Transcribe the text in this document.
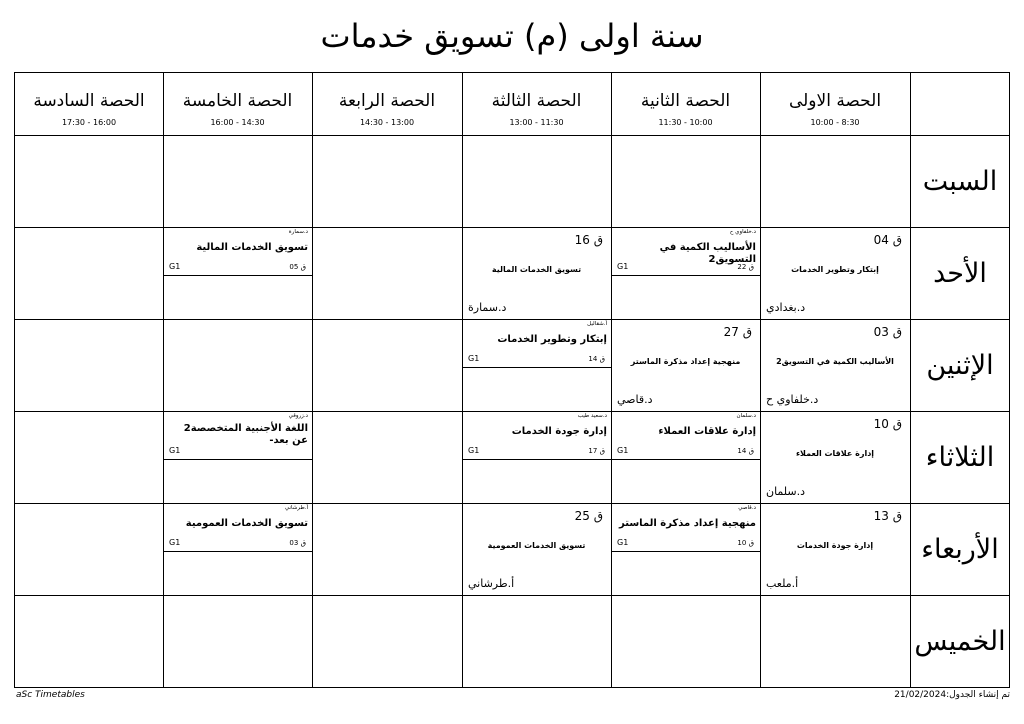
سنة اولى (م) تسويق خدمات
الحصة الاولى
10:00 - 8:30
الحصة الثانية
11:30 - 10:00
الحصة الثالثة
13:00 - 11:30
الحصة الرابعة
14:30 - 13:00
الحصة الخامسة
16:00 - 14:30
الحصة السادسة
17:30 - 16:00
السبت
الأحد
الإثنين
الثلاثاء
الأربعاء
الخميس
ق 04
إبتكار وتطوير الخدمات
د.بغدادي
د.خلفاوي ح
الأساليب الكمية في التسويق2
ق 22
G1
ق 16
تسويق الخدمات المالية
د.سمارة
د.سمارة
تسويق الخدمات المالية
ق 05
G1
ق 03
الأساليب الكمية في التسويق2
د.خلفاوي ح
ق 27
منهجية إعداد مذكرة الماستر
د.قاصي
أ.شقاليل
إبتكار وتطوير الخدمات
ق 14
G1
ق 10
إدارة علاقات العملاء
د.سلمان
د.سلمان
إدارة علاقات العملاء
ق 14
G1
د.سعيد طيب
إدارة جودة الخدمات
ق 17
G1
د.زروقي
اللغة الأجنبية المتخصصة2 عن بعد-
G1
ق 13
إدارة جودة الخدمات
أ.ملعب
د.قاصي
منهجية إعداد مذكرة الماستر
ق 10
G1
ق 25
تسويق الخدمات العمومية
أ.طرشاني
أ.طرشاني
تسويق الخدمات العمومية
ق 03
G1
aSc Timetables	تم إنشاء الجدول:21/02/2024
